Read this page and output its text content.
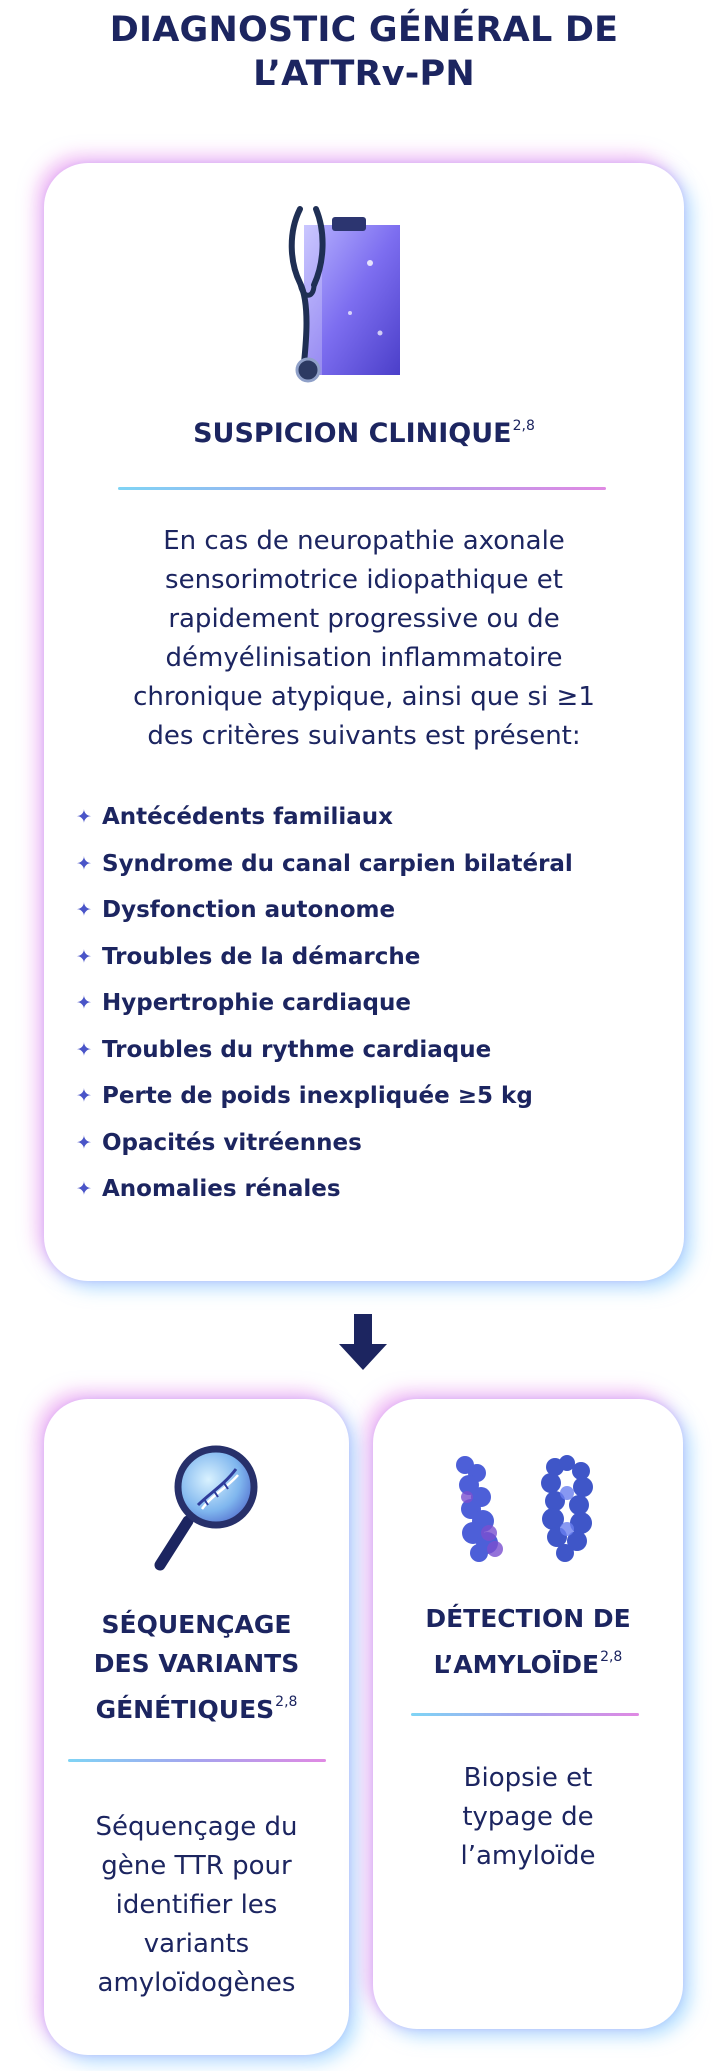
DIAGNOSTIC GÉNÉRAL DE L’ATTRv-PN
SUSPICION CLINIQUE$^{2,8}$

En cas de neuropathie axonale
sensorimotrice idiopathique et
rapidement progressive ou de
démyélinisation inflammatoire
chronique atypique, ainsi que si ≥1
des critères suivants est présent:

✦ Antécédents familiaux
✦ Syndrome du canal carpien bilatéral
✦ Dysfonction autonome
✦ Troubles de la démarche
✦ Hypertrophie cardiaque
✦ Troubles du rythme cardiaque
✦ Perte de poids inexpliquée ≥5 kg
✦ Opacités vitréennes
✦ Anomalies rénales
SÉQUENÇAGE
DES VARIANTS
GÉNÉTIQUES$^{2,8}$

Séquençage du
gène TTR pour
identifier les
variants
amyloïdogènes

DÉTECTION DE
L’AMYLOÏDE$^{2,8}$

Biopsie et
typage de
l’amyloïde
